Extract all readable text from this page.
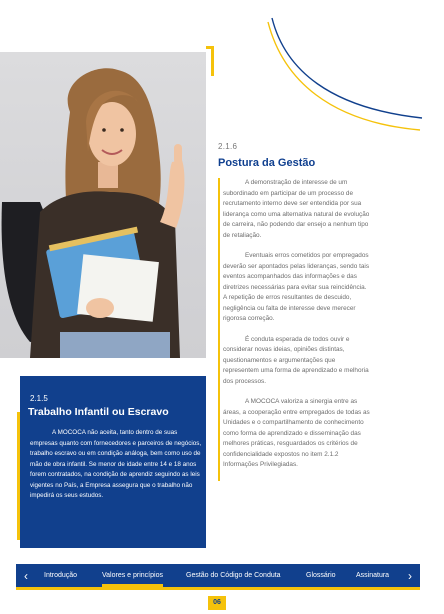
2.1.6
Postura da Gestão

A demonstração de interesse de um subordinado em participar de um processo de recrutamento interno deve ser entendida por sua liderança como uma alternativa natural de evolução de carreira, não podendo dar ensejo a nenhum tipo de retaliação.

Eventuais erros cometidos por empregados deverão ser apontados pelas lideranças, sendo tais eventos acompanhados das informações e das diretrizes necessárias para evitar sua reincidência. A repetição de erros resultantes de descuido, negligência ou falta de interesse deve merecer rigorosa correção.

É conduta esperada de todos ouvir e considerar novas ideias, opiniões distintas, questionamentos e argumentações que representem uma forma de aprendizado e melhoria dos processos.

A MOCOCA valoriza a sinergia entre as áreas, a cooperação entre empregados de todas as Unidades e o compartilhamento de conhecimento como forma de aprendizado e disseminação das melhores práticas, resguardados os critérios de confidencialidade expostos no item 2.1.2 Informações Privilegiadas.

2.1.5
Trabalho Infantil ou Escravo

A MOCOCA não aceita, tanto dentro de suas empresas quanto com fornecedores e parceiros de negócios, trabalho escravo ou em condição análoga, bem como uso de mão de obra infantil. Se menor de idade entre 14 e 18 anos forem contratados, na condição de aprendiz seguindo as leis vigentes no País, a Empresa assegura que o trabalho não impedirá os seus estudos.

‹ Introdução	Valores e princípios	Gestão do Código de Conduta	Glossário	Assinatura ›
06
